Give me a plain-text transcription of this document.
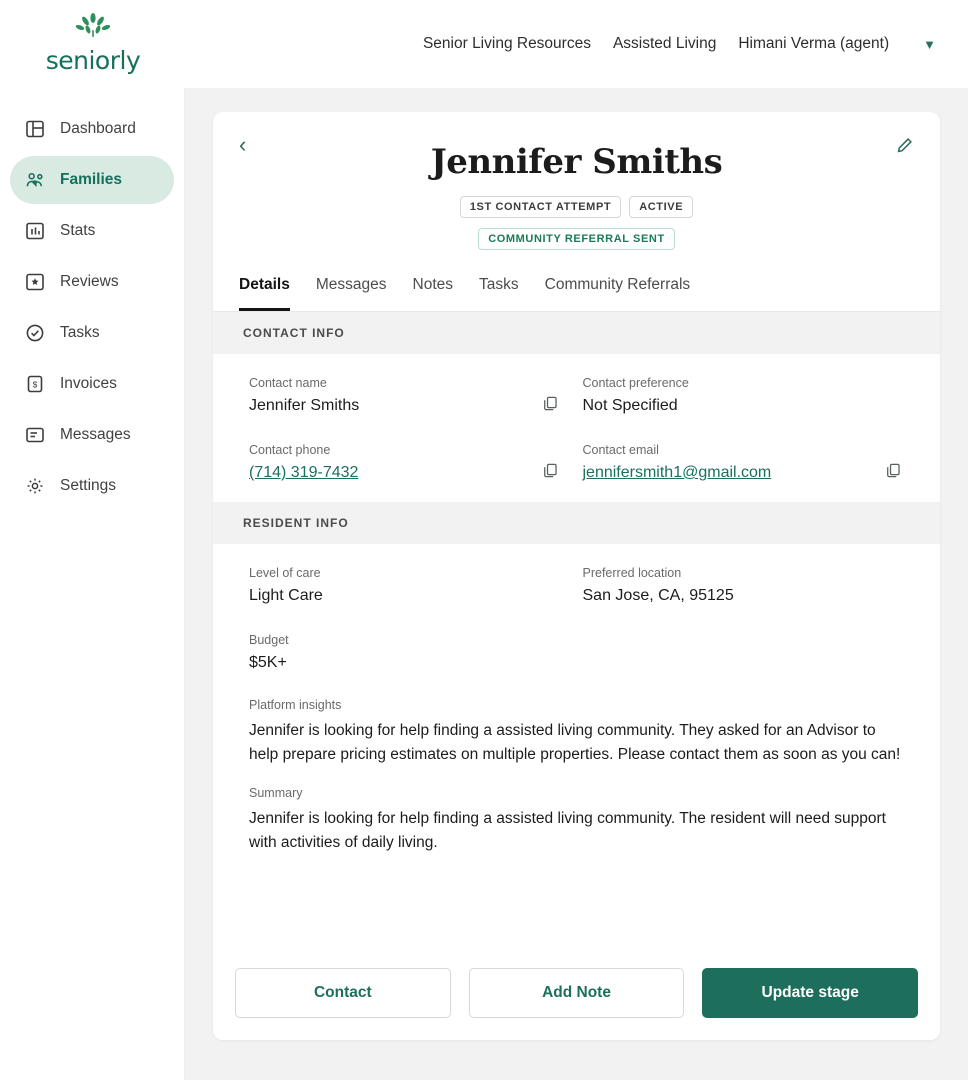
seniorly
Senior Living Resources Assisted Living Himani Verma (agent)	▼
Dashboard
Families
Stats
Reviews
Tasks
$ Invoices
Messages
Settings
‹	Jennifer Smiths
1ST CONTACT ATTEMPT	ACTIVE
COMMUNITY REFERRAL SENT
Details Messages Notes Tasks Community Referrals
CONTACT INFO
Contact name
Jennifer Smiths
Contact preference
Not Specified
Contact phone
(714) 319-7432
Contact email
jennifersmith1@gmail.com
RESIDENT INFO
Level of care
Light Care
Preferred location
San Jose, CA, 95125
Budget
$5K+
Platform insights

Jennifer is looking for help finding a assisted living community. They asked for an Advisor to help prepare pricing estimates on multiple properties. Please contact them as soon as you can!

Summary

Jennifer is looking for help finding a assisted living community. The resident will need support with activities of daily living.

Contact	Add Note	Update stage
